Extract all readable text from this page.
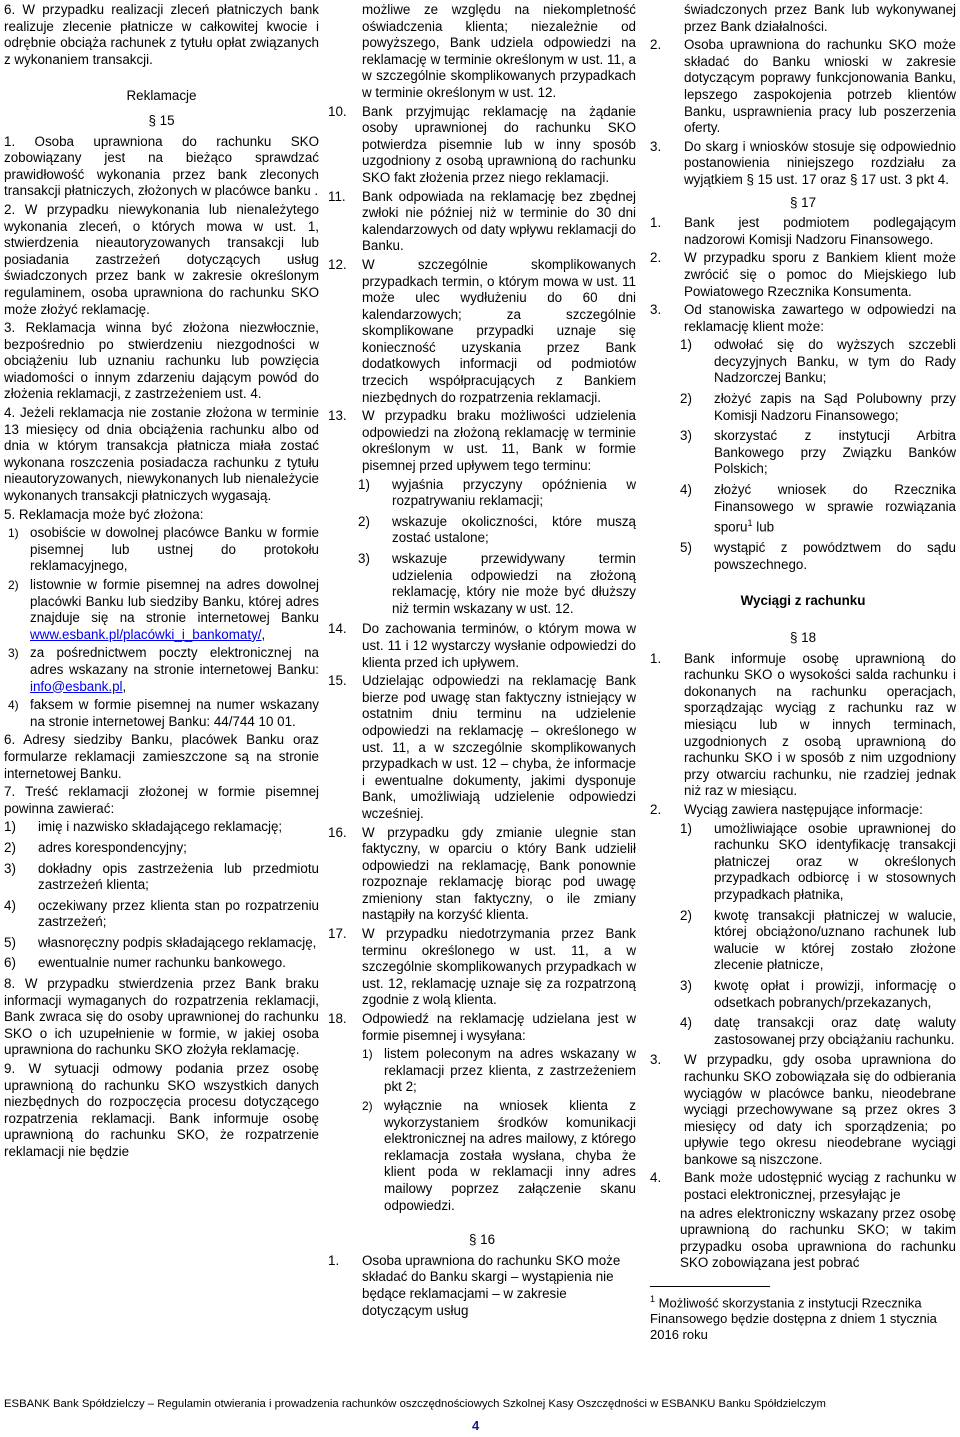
6. W przypadku realizacji zleceń płatniczych bank realizuje zlecenie płatnicze w całkowitej kwocie i odrębnie obciąża rachunek z tytułu opłat związanych z wykonaniem transakcji.

Reklamacje
§ 15

1. Osoba uprawniona do rachunku SKO zobowiązany jest na bieżąco sprawdzać prawidłowość wykonania przez bank zleconych transakcji płatniczych, złożonych w placówce banku .

2. W przypadku niewykonania lub nienależytego wykonania zleceń, o których mowa w ust. 1, stwierdzenia nieautoryzowanych transakcji lub posiadania zastrzeżeń dotyczących usług świadczonych przez bank w zakresie określonym regulaminem, osoba uprawniona do rachunku SKO może złożyć reklamację.

3. Reklamacja winna być złożona niezwłocznie, bezpośrednio po stwierdzeniu niezgodności w obciążeniu lub uznaniu rachunku lub powzięcia wiadomości o innym zdarzeniu dającym powód do złożenia reklamacji, z zastrzeżeniem ust. 4.

4. Jeżeli reklamacja nie zostanie złożona w terminie 13 miesięcy od dnia obciążenia rachunku albo od dnia w którym transakcja płatnicza miała zostać wykonana roszczenia posiadacza rachunku z tytułu nieautoryzowanych, niewykonanych lub nienależycie wykonanych transakcji płatniczych wygasają.

5. Reklamacja może być złożona:

1) osobiście w dowolnej placówce Banku w formie pisemnej lub ustnej do protokołu reklamacyjnego,
2) listownie w formie pisemnej na adres dowolnej placówki Banku lub siedziby Banku, której adres znajduje się na stronie internetowej Banku www.esbank.pl/placówki_i_bankomaty/,
3) za pośrednictwem poczty elektronicznej na adres wskazany na stronie internetowej Banku: info@esbank.pl,
4) faksem w formie pisemnej na numer wskazany na stronie internetowej Banku: 44/744 10 01.

6. Adresy siedziby Banku, placówek Banku oraz formularze reklamacji zamieszczone są na stronie internetowej Banku.

7. Treść reklamacji złożonej w formie pisemnej powinna zawierać:

1)	imię i nazwisko składającego reklamację;
2)	adres korespondencyjny;
3)	dokładny opis zastrzeżenia lub przedmiotu zastrzeżeń klienta;
4)	oczekiwany przez klienta stan po rozpatrzeniu zastrzeżeń;
5)	własnoręczny podpis składającego reklamację,
6)	ewentualnie numer rachunku bankowego.

8. W przypadku stwierdzenia przez Bank braku informacji wymaganych do rozpatrzenia reklamacji, Bank zwraca się do osoby uprawnionej do rachunku SKO o ich uzupełnienie w formie, w jakiej osoba uprawniona do rachunku SKO złożyła reklamację.

9. W sytuacji odmowy podania przez osobę uprawnioną do rachunku SKO wszystkich danych niezbędnych do rozpoczęcia procesu dotyczącego rozpatrzenia reklamacji. Bank informuje osobę uprawnioną do rachunku SKO, że rozpatrzenie reklamacji nie będzie

możliwe ze względu na niekompletność oświadczenia klienta; niezależnie od powyższego, Bank udziela odpowiedzi na reklamację w terminie określonym w ust. 11, a w szczególnie skomplikowanych przypadkach w terminie określonym w ust. 12.

10.	Bank przyjmując reklamację na żądanie osoby uprawnionej do rachunku SKO potwierdza pisemnie lub w inny sposób uzgodniony z osobą uprawnioną do rachunku SKO fakt złożenia przez niego reklamacji.
11.	Bank odpowiada na reklamację bez zbędnej zwłoki nie później niż w terminie do 30 dni kalendarzowych od daty wpływu reklamacji do Banku.
12.	W szczególnie skomplikowanych przypadkach termin, o którym mowa w ust. 11 może ulec wydłużeniu do 60 dni kalendarzowych; za szczególnie skomplikowane przypadki uznaje się konieczność uzyskania przez Bank dodatkowych informacji od podmiotów trzecich współpracujących z Bankiem niezbędnych do rozpatrzenia reklamacji.
13.	W przypadku braku możliwości udzielenia odpowiedzi na złożoną reklamację w terminie określonym w ust. 11, Bank w formie pisemnej przed upływem tego terminu:
1)	wyjaśnia przyczyny opóźnienia w rozpatrywaniu reklamacji;
2)	wskazuje okoliczności, które muszą zostać ustalone;
3)	wskazuje przewidywany termin udzielenia odpowiedzi na złożoną reklamację, który nie może być dłuższy niż termin wskazany w ust. 12.
14.	Do zachowania terminów, o którym mowa w ust. 11 i 12 wystarczy wysłanie odpowiedzi do klienta przed ich upływem.
15.	Udzielając odpowiedzi na reklamację Bank bierze pod uwagę stan faktyczny istniejący w ostatnim dniu terminu na udzielenie odpowiedzi na reklamację – określonego w ust. 11, a w szczególnie skomplikowanych przypadkach w ust. 12 – chyba, że informacje i ewentualne dokumenty, jakimi dysponuje Bank, umożliwiają udzielenie odpowiedzi wcześniej.
16.	W przypadku gdy zmianie ulegnie stan faktyczny, w oparciu o który Bank udzielił odpowiedzi na reklamację, Bank ponownie rozpoznaje reklamację biorąc pod uwagę zmieniony stan faktyczny, o ile zmiany nastąpiły na korzyść klienta.
17.	W przypadku niedotrzymania przez Bank terminu określonego w ust. 11, a w szczególnie skomplikowanych przypadkach w ust. 12, reklamację uznaje się za rozpatrzoną zgodnie z wolą klienta.
18.	Odpowiedź na reklamację udzielana jest w formie pisemnej i wysyłana:
1) listem poleconym na adres wskazany w reklamacji przez klienta, z zastrzeżeniem pkt 2;
2) wyłącznie na wniosek klienta z wykorzystaniem środków komunikacji elektronicznej na adres mailowy, z którego reklamacja została wysłana, chyba że klient poda w reklamacji inny adres mailowy poprzez załączenie skanu odpowiedzi.
§ 16
1.	Osoba uprawniona do rachunku SKO może składać do Banku skargi – wystąpienia nie będące reklamacjami – w zakresie dotyczącym usług

świadczonych przez Bank lub wykonywanej przez Bank działalności.

2.	Osoba uprawniona do rachunku SKO może składać do Banku wnioski w zakresie dotyczącym poprawy funkcjonowania Banku, lepszego zaspokojenia potrzeb klientów Banku, usprawnienia pracy lub poszerzenia oferty.
3.	Do skarg i wniosków stosuje się odpowiednio postanowienia niniejszego rozdziału za wyjątkiem § 15 ust. 17 oraz § 17 ust. 3 pkt 4.
§ 17
1.	Bank jest podmiotem podlegającym nadzorowi Komisji Nadzoru Finansowego.
2.	W przypadku sporu z Bankiem klient może zwrócić się o pomoc do Miejskiego lub Powiatowego Rzecznika Konsumenta.
3.	Od stanowiska zawartego w odpowiedzi na reklamację klient może:
1)	odwołać się do wyższych szczebli decyzyjnych Banku, w tym do Rady Nadzorczej Banku;
2)	złożyć zapis na Sąd Polubowny przy Komisji Nadzoru Finansowego;
3)	skorzystać z instytucji Arbitra Bankowego przy Związku Banków Polskich;
4)	złożyć wniosek do Rzecznika Finansowego w sprawie rozwiązania sporu$^1$ lub
5)	wystąpić z powództwem do sądu powszechnego.
Wyciągi z rachunku
§ 18
1.	Bank informuje osobę uprawnioną do rachunku SKO o wysokości salda rachunku i dokonanych na rachunku operacjach, sporządzając wyciąg z rachunku raz w miesiącu lub w innych terminach, uzgodnionych z osobą uprawnioną do rachunku SKO i w sposób z nim uzgodniony przy otwarciu rachunku, nie rzadziej jednak niż raz w miesiącu.
2.	Wyciąg zawiera następujące informacje:
1)	umożliwiające osobie uprawnionej do rachunku SKO identyfikację transakcji płatniczej oraz w określonych przypadkach odbiorcę i w stosownych przypadkach płatnika,
2)	kwotę transakcji płatniczej w walucie, której obciążono/uznano rachunek lub walucie w której zostało złożone zlecenie płatnicze,
3)	kwotę opłat i prowizji, informację o odsetkach pobranych/przekazanych,
4)	datę transakcji oraz datę waluty zastosowanej przy obciążaniu rachunku.
3.	W przypadku, gdy osoba uprawniona do rachunku SKO zobowiązała się do odbierania wyciągów w placówce banku, nieodebrane wyciągi przechowywane są przez okres 3 miesięcy od daty ich sporządzenia; po upływie tego okresu nieodebrane wyciągi bankowe są niszczone.
4.	Bank może udostępnić wyciąg z rachunku w postaci elektronicznej, przesyłając je

na adres elektroniczny wskazany przez osobę uprawnioną do rachunku SKO; w takim przypadku osoba uprawniona do rachunku SKO zobowiązana jest pobrać

$^1$ Możliwość skorzystania z instytucji Rzecznika Finansowego będzie dostępna z dniem 1 stycznia 2016 roku
ESBANK Bank Spółdzielczy – Regulamin otwierania i prowadzenia rachunków oszczędnościowych Szkolnej Kasy Oszczędności w ESBANKU Banku Spółdzielczym
4
